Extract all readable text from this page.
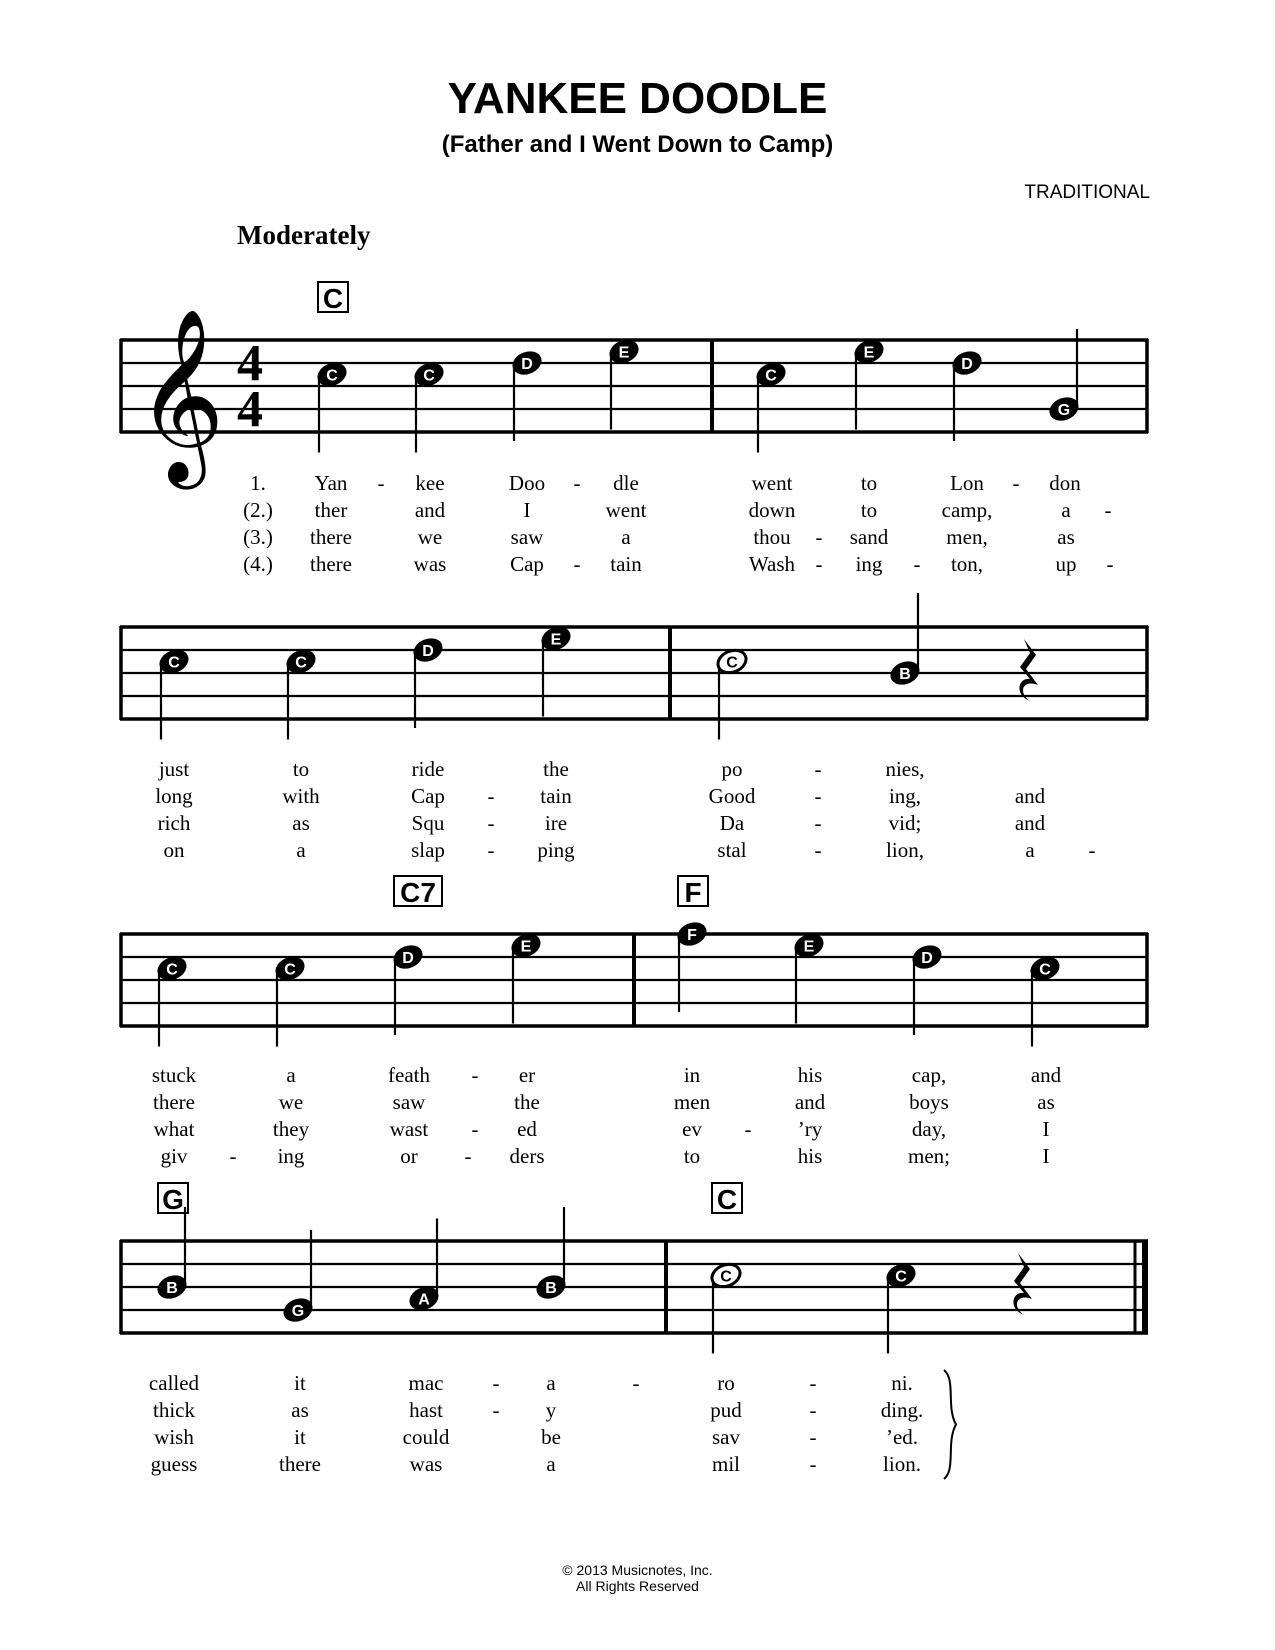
YANKEE DOODLE
(Father and I Went Down to Camp)
TRADITIONAL
Moderately
𝄞 4
4
C
C	C
D
E
C
E
D
G
1. Yan - kee	Doo - dle	went	to	Lon - don
(2.) ther	and	I	went	down	to	camp,	a -
(3.) there	we	saw	a	thou - sand	men,	as
(4.) there	was	Cap - tain	Wash - ing - ton,	up -
C	C
D
E
C
B
just	to	ride	the	po	-	nies,
long	with	Cap - tain	Good	-	ing,	and
rich	as	Squ - ire	Da	-	vid;	and
on	a	slap - ping	stal	-	lion,	a	-
C7	F
C	C
D
E
F
E
D
C
stuck	a	feath - er	in	his	cap,	and
there	we	saw	the	men	and	boys	as
what	they	wast - ed	ev - ’ry	day,	I
giv - ing	or - ders	to	his	men;	I
G	C
B
G
A
B
C	C
called	it	mac - a	-	ro	-	ni.
thick	as	hast - y	pud	-	ding.
wish	it	could	be	sav	-	’ed.
guess	there	was	a	mil	-	lion.
© 2013 Musicnotes, Inc.
All Rights Reserved
